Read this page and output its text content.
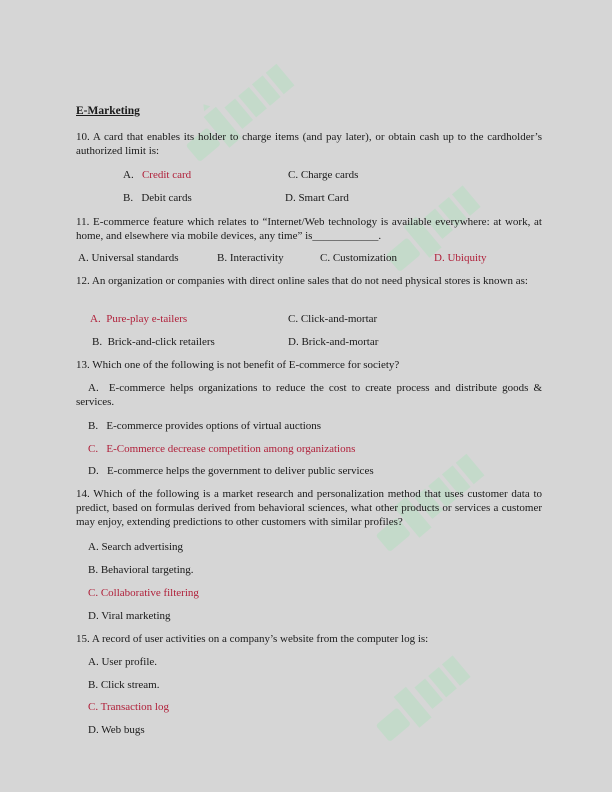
E-Marketing
10. A card that enables its holder to charge items (and pay later), or obtain cash up to the cardholder’s authorized limit is:
A. Credit card	C. Charge cards
B. Debit cards	D. Smart Card
11. E-commerce feature which relates to “Internet/Web technology is available everywhere: at work, at home, and elsewhere via mobile devices, any time” is____________.
A. Universal standards	B. Interactivity	C. Customization	D. Ubiquity
12. An organization or companies with direct online sales that do not need physical stores is known as:
A. Pure-play e-tailers	C. Click-and-mortar
B. Brick-and-click retailers	D. Brick-and-mortar
13. Which one of the following is not benefit of E-commerce for society?
A. E-commerce helps organizations to reduce the cost to create process and distribute goods & services.
B. E-commerce provides options of virtual auctions
C. E-Commerce decrease competition among organizations
D. E-commerce helps the government to deliver public services
14. Which of the following is a market research and personalization method that uses customer data to predict, based on formulas derived from behavioral sciences, what other products or services a customer may enjoy, extending predictions to other customers with similar profiles?
A. Search advertising
B. Behavioral targeting.
C. Collaborative filtering
D. Viral marketing
15. A record of user activities on a company’s website from the computer log is:
A. User profile.
B. Click stream.
C. Transaction log
D. Web bugs
